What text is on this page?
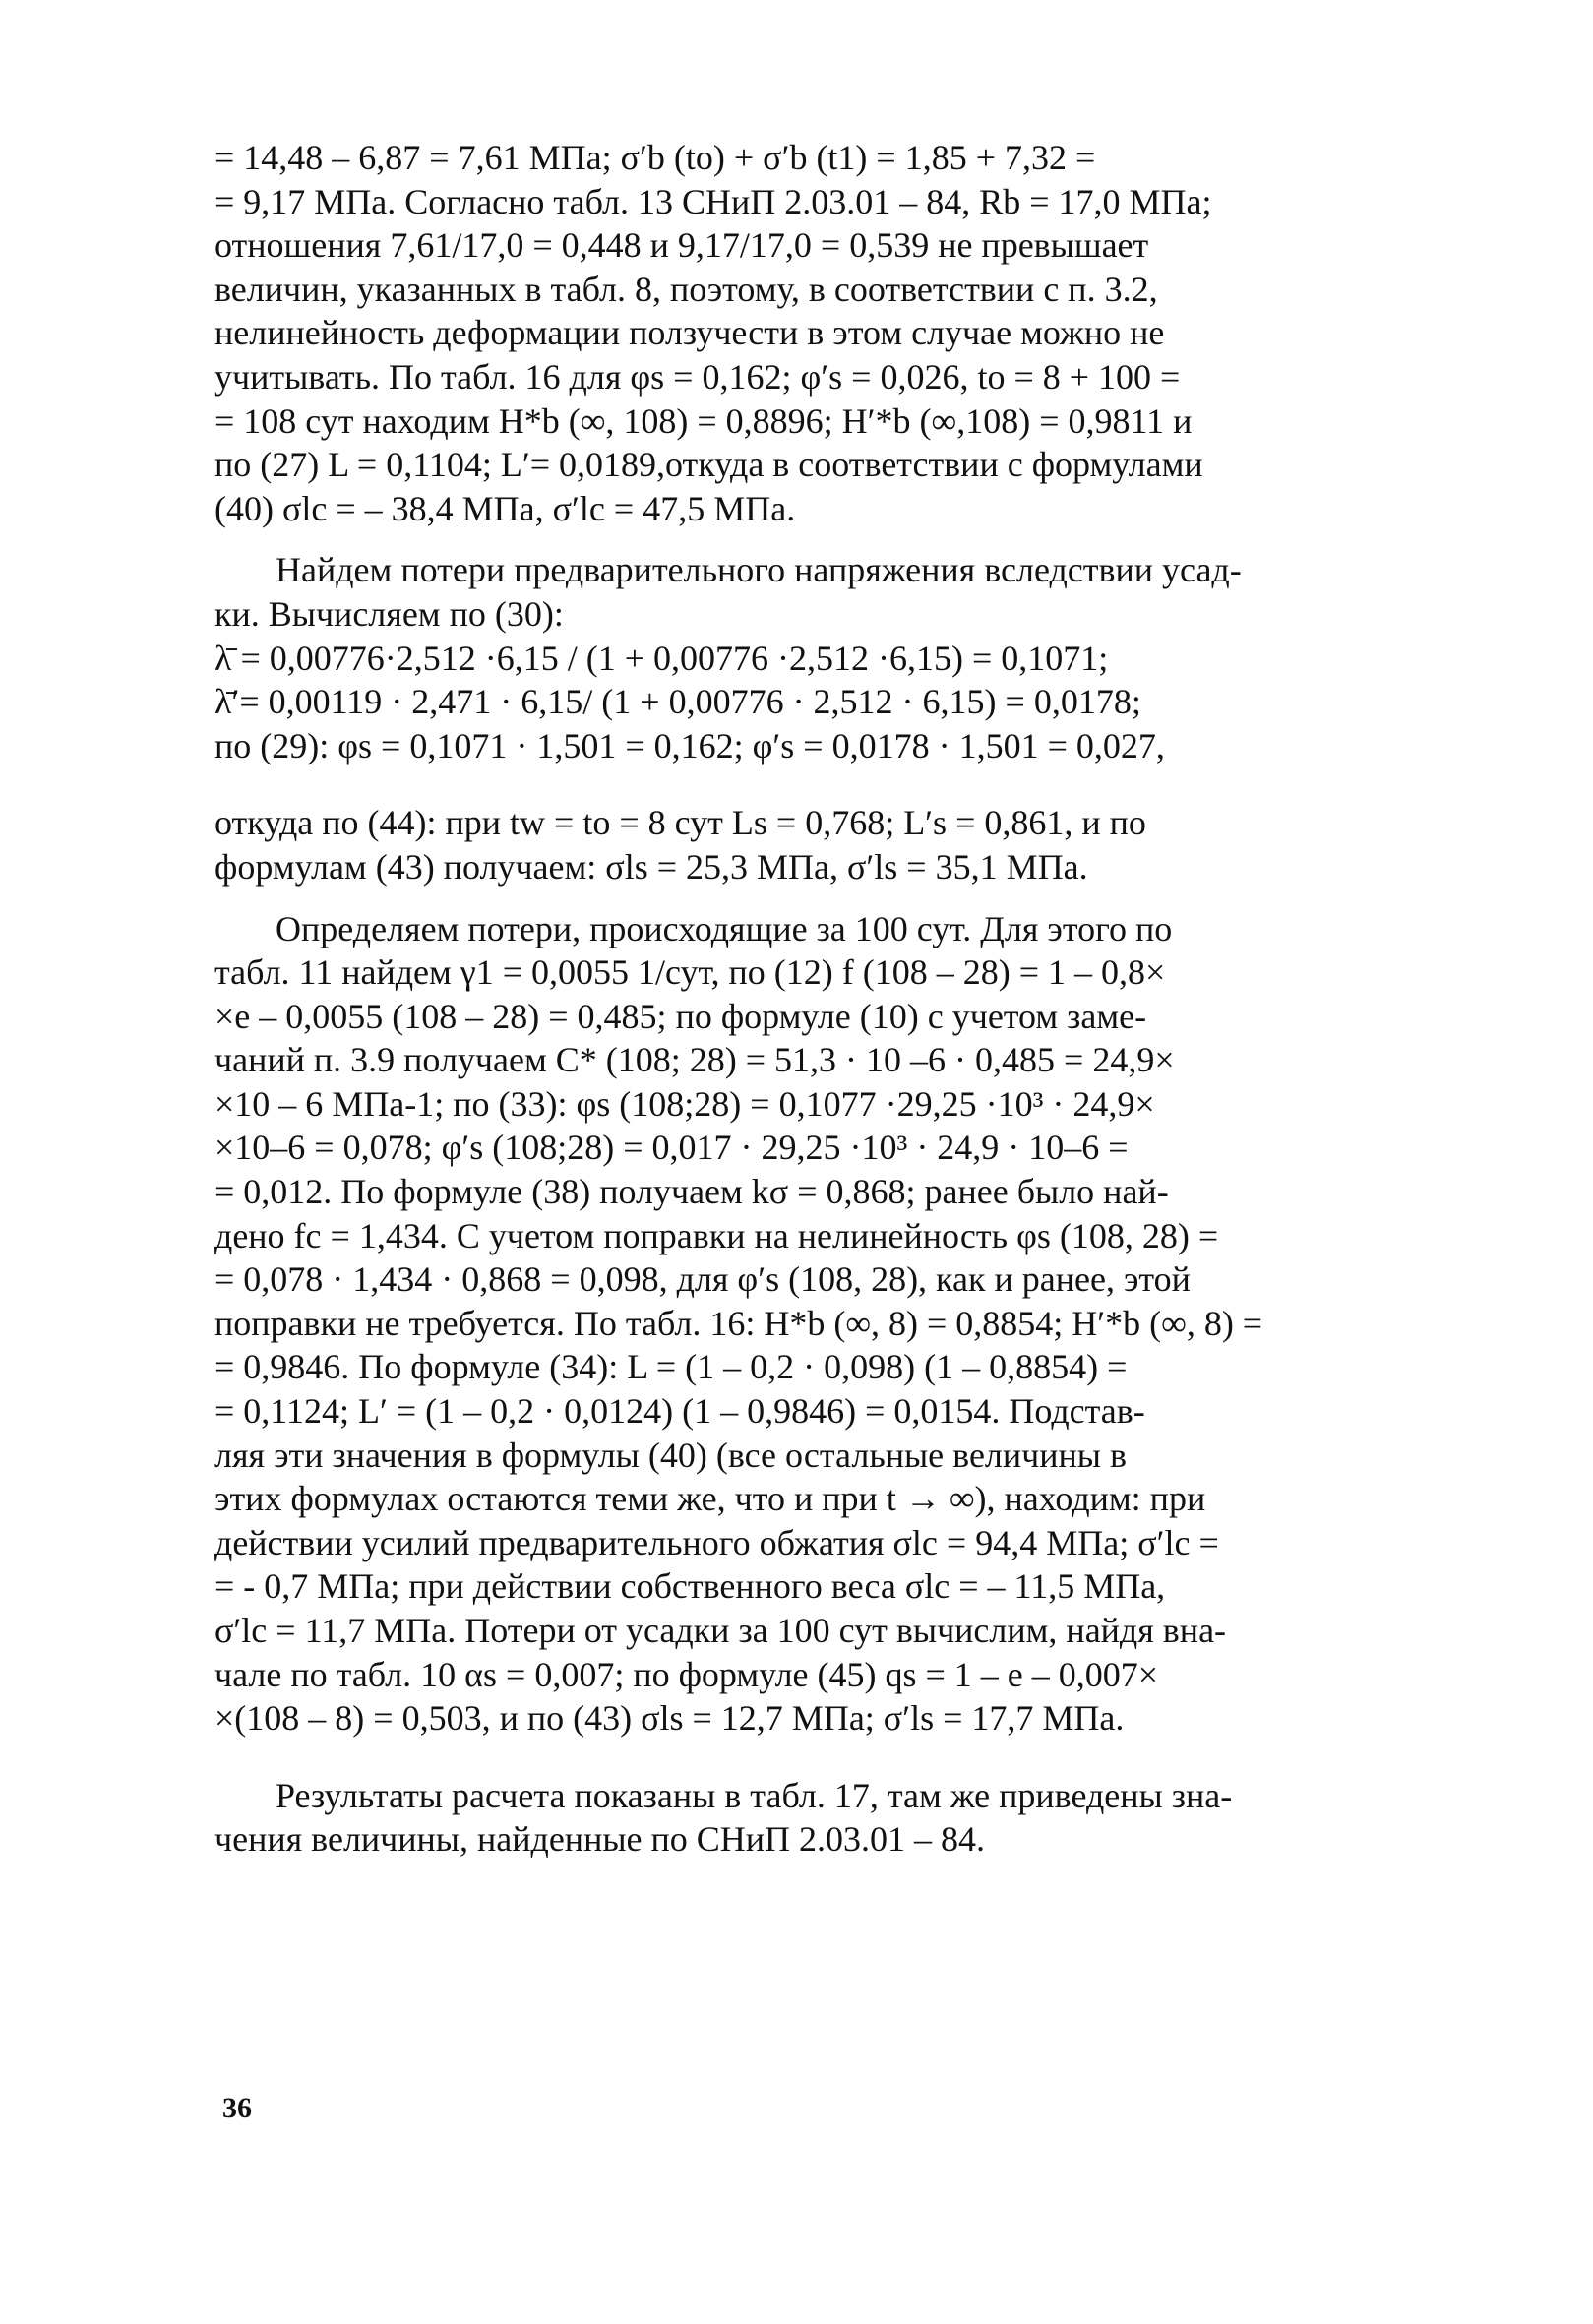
= 14,48 – 6,87 = 7,61 МПа; σ′b (tо) + σ′b (t1) = 1,85 + 7,32 =
= 9,17 МПа. Согласно табл. 13 СНиП 2.03.01 – 84, Rb = 17,0 МПа;
отношения 7,61/17,0 = 0,448 и 9,17/17,0 = 0,539 не превышает
величин, указанных в табл. 8, поэтому, в соответствии с п. 3.2,
нелинейность деформации ползучести в этом случае можно не
учитывать. По табл. 16 для φs = 0,162; φ′s = 0,026, tо = 8 + 100 =
= 108 сут находим H*b (∞, 108) = 0,8896; H′*b (∞,108) = 0,9811 и
по (27) L = 0,1104; L′= 0,0189,откуда в соответствии с формулами
(40) σlc = – 38,4 МПа, σ′lc = 47,5 МПа.

Найдем потери предварительного напряжения вследствии усад-
ки. Вычисляем по (30):

λ̄ = 0,00776·2,512 ·6,15 / (1 + 0,00776 ·2,512 ·6,15) = 0,1071;

λ̄′= 0,00119 · 2,471 · 6,15/ (1 + 0,00776 · 2,512 · 6,15) = 0,0178;

по (29): φs = 0,1071 · 1,501 = 0,162; φ′s = 0,0178 · 1,501 = 0,027,

откуда по (44): при tw = tо = 8 сут Ls = 0,768; L′s = 0,861, и по
формулам (43) получаем: σls = 25,3 МПа, σ′ls = 35,1 МПа.

Определяем потери, происходящие за 100 сут. Для этого по
табл. 11 найдем γ1 = 0,0055 1/сут, по (12) f (108 – 28) = 1 – 0,8×
×e – 0,0055 (108 – 28) = 0,485; по формуле (10) с учетом заме-
чаний п. 3.9 получаем C* (108; 28) = 51,3 · 10 –6 · 0,485 = 24,9×
×10 – 6 МПа-1; по (33): φs (108;28) = 0,1077 ·29,25 ·10³ · 24,9×
×10–6 = 0,078; φ′s (108;28) = 0,017 · 29,25 ·10³ · 24,9 · 10–6 =
= 0,012. По формуле (38) получаем kσ = 0,868; ранее было най-
дено fc = 1,434. С учетом поправки на нелинейность φs (108, 28) =
= 0,078 · 1,434 · 0,868 = 0,098, для φ′s (108, 28), как и ранее, этой
поправки не требуется. По табл. 16: H*b (∞, 8) = 0,8854; H′*b (∞, 8) =
= 0,9846. По формуле (34): L = (1 – 0,2 · 0,098) (1 – 0,8854) =
= 0,1124; L′ = (1 – 0,2 · 0,0124) (1 – 0,9846) = 0,0154. Подстав-
ляя эти значения в формулы (40) (все остальные величины в
этих формулах остаются теми же, что и при t → ∞), находим: при
действии усилий предварительного обжатия σlc = 94,4 МПа; σ′lc =
= - 0,7 МПа; при действии собственного веса σlc = – 11,5 МПа,
σ′lc = 11,7 МПа. Потери от усадки за 100 сут вычислим, найдя вна-
чале по табл. 10 αs = 0,007; по формуле (45) qs = 1 – e – 0,007×
×(108 – 8) = 0,503, и по (43) σls = 12,7 МПа; σ′ls = 17,7 МПа.

Результаты расчета показаны в табл. 17, там же приведены зна-
чения величины, найденные по СНиП 2.03.01 – 84.

36
